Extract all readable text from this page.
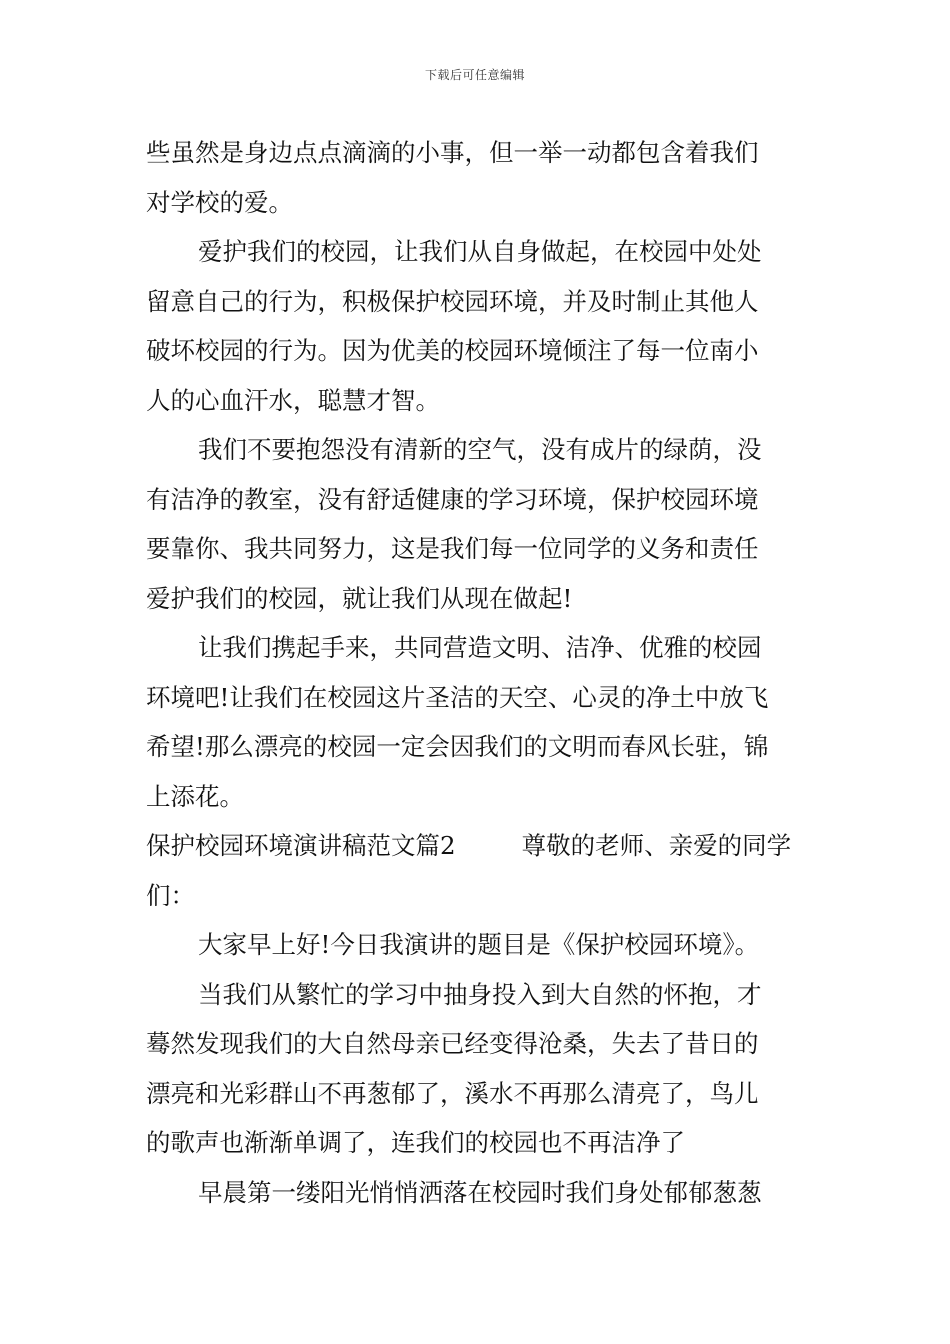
下载后可任意编辑
些虽然是身边点点滴滴的小事，但一举一动都包含着我们
对学校的爱。
爱护我们的校园，让我们从自身做起，在校园中处处
留意自己的行为，积极保护校园环境，并及时制止其他人
破坏校园的行为。因为优美的校园环境倾注了每一位南小
人的心血汗水，聪慧才智。
我们不要抱怨没有清新的空气，没有成片的绿荫，没
有洁净的教室，没有舒适健康的学习环境，保护校园环境
要靠你、我共同努力，这是我们每一位同学的义务和责任
爱护我们的校园，就让我们从现在做起!
让我们携起手来，共同营造文明、洁净、优雅的校园
环境吧!让我们在校园这片圣洁的天空、心灵的净土中放飞
希望!那么漂亮的校园一定会因我们的文明而春风长驻，锦
上添花。
保护校园环境演讲稿范文篇2	尊敬的老师、亲爱的同学
们：
大家早上好!今日我演讲的题目是《保护校园环境》。
当我们从繁忙的学习中抽身投入到大自然的怀抱，才
蓦然发现我们的大自然母亲已经变得沧桑，失去了昔日的
漂亮和光彩群山不再葱郁了，溪水不再那么清亮了，鸟儿
的歌声也渐渐单调了，连我们的校园也不再洁净了
早晨第一缕阳光悄悄洒落在校园时我们身处郁郁葱葱
